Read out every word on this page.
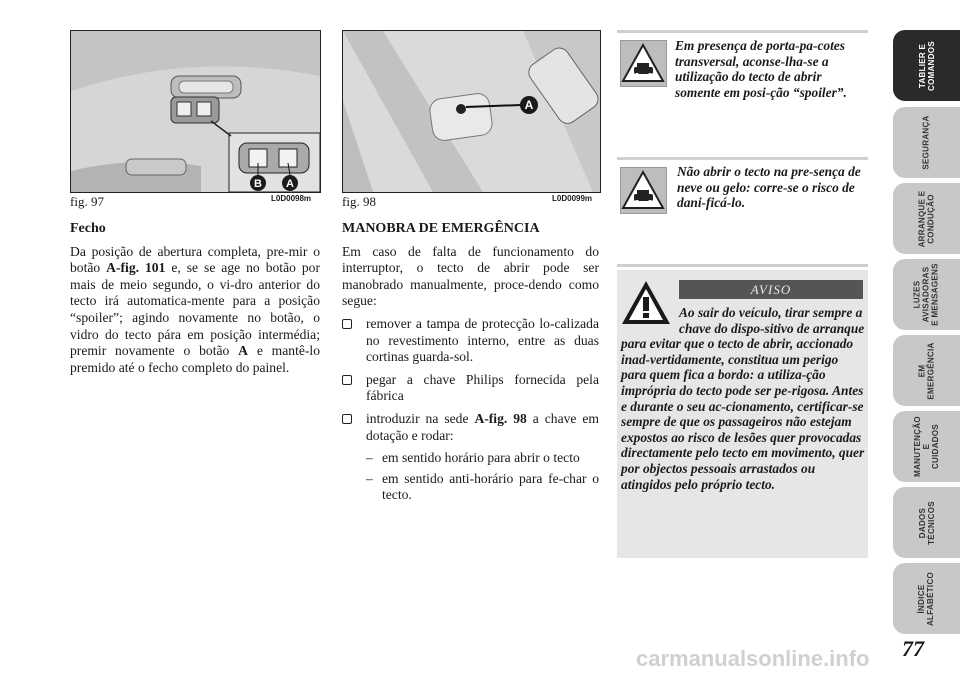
B A
fig. 97	L0D0098m
A
fig. 98	L0D0099m

Fecho

Da posição de abertura completa, pre-mir o botão A-fig. 101 e, se se age no botão por mais de meio segundo, o vi-dro anterior do tecto irá automatica-mente para a posição “spoiler”; agindo novamente no botão, o vidro do tecto pára em posição intermédia; premir novamente o botão A e mantê-lo premido até o fecho completo do painel.

MANOBRA DE EMERGÊNCIA

Em caso de falta de funcionamento do interruptor, o tecto de abrir pode ser manobrado manualmente, proce-dendo como segue:

remover a tampa de protecção lo-calizada no revestimento interno, entre as duas cortinas guarda-sol.
pegar a chave Philips fornecida pela fábrica
introduzir na sede A-fig. 98 a chave em dotação e rodar:
– em sentido horário para abrir o tecto
– em sentido anti-horário para fe-char o tecto.
Em presença de porta-pa-cotes transversal, aconse-lha-se a utilização do tecto de abrir somente em posi-ção “spoiler”.
Não abrir o tecto na pre-sença de neve ou gelo: corre-se o risco de dani-ficá-lo.
AVISO
Ao sair do veículo, tirar sempre a chave do dispo-sitivo de arranque para evitar que o tecto de abrir, accionado inad-vertidamente, constitua um perigo para quem fica a bordo: a utiliza-ção imprópria do tecto pode ser pe-rigosa. Antes e durante o seu ac-cionamento, certificar-se sempre de que os passageiros não estejam expostos ao risco de lesões quer provocadas directamente pelo tecto em movimento, quer por objectos pessoais arrastados ou atingidos pelo próprio tecto.
TABLIER E
COMANDOS
SEGURANÇA
ARRANQUE E
CONDUÇÃO
LUZES
AVISADORAS
E MENSAGENS
EM
EMERGÊNCIA
MANUTENÇÃO E
CUIDADOS
DADOS
TÉCNICOS
ÍNDICE
ALFABÉTICO
77
carmanualsonline.info
